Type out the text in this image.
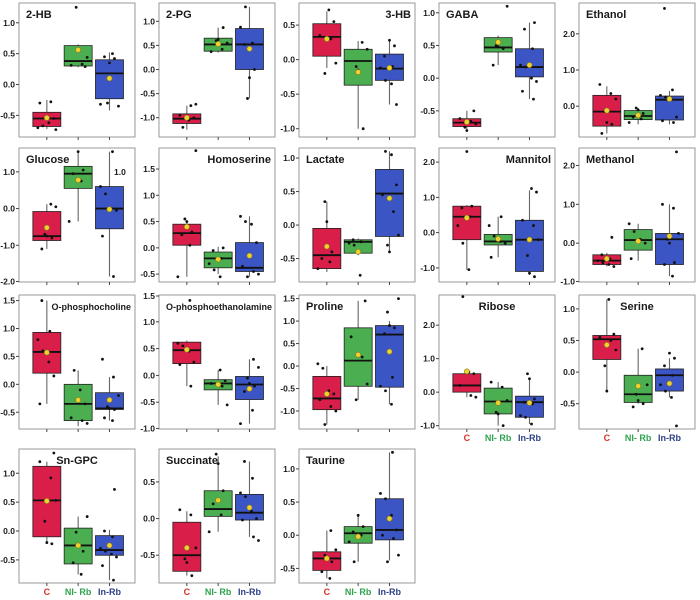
1.0
0.5
0.0
-0.5
2-HB
1.0
0.5
0.0
-0.5
-1.0
2-PG
0.5
0.0
-0.5
-1.0
3-HB 1.0
0.5
0.0
-0.5
GABA
2.0
1.0
0.0
Ethanol
1.0
0.0
-1.0
-2.0
Glucose
1.0 1.5
1.0
0.5
0.0
-0.5
Homoserine 1.0
0.5
0.0
-0.5
Lactate	2.0
1.0
0.0
-1.0
Mannitol 2.0
1.0
0.0
-1.0
Methanol
1.5
1.0
0.5
0.0
-0.5
O-phosphocholine
1.5
1.0
0.5
0.0
-0.5
-1.0
O-phosphoethanolamine
1.5
1.0
0.5
0.0
-0.5
-1.0
Proline
2.0
1.0
0.0
-1.0
Ribose
C NI- Rb In-Rb
1.0
0.5
0.0
-0.5
Serine
C NI- Rb In-Rb
1.0
0.5
0.0
-0.5
Sn-GPC
C NI- Rb In-Rb
0.5
0.0
-0.5
Succinate
C NI- Rb In-Rb
1.0
0.5
0.0
-0.5
Taurine
C NI- Rb In-Rb
